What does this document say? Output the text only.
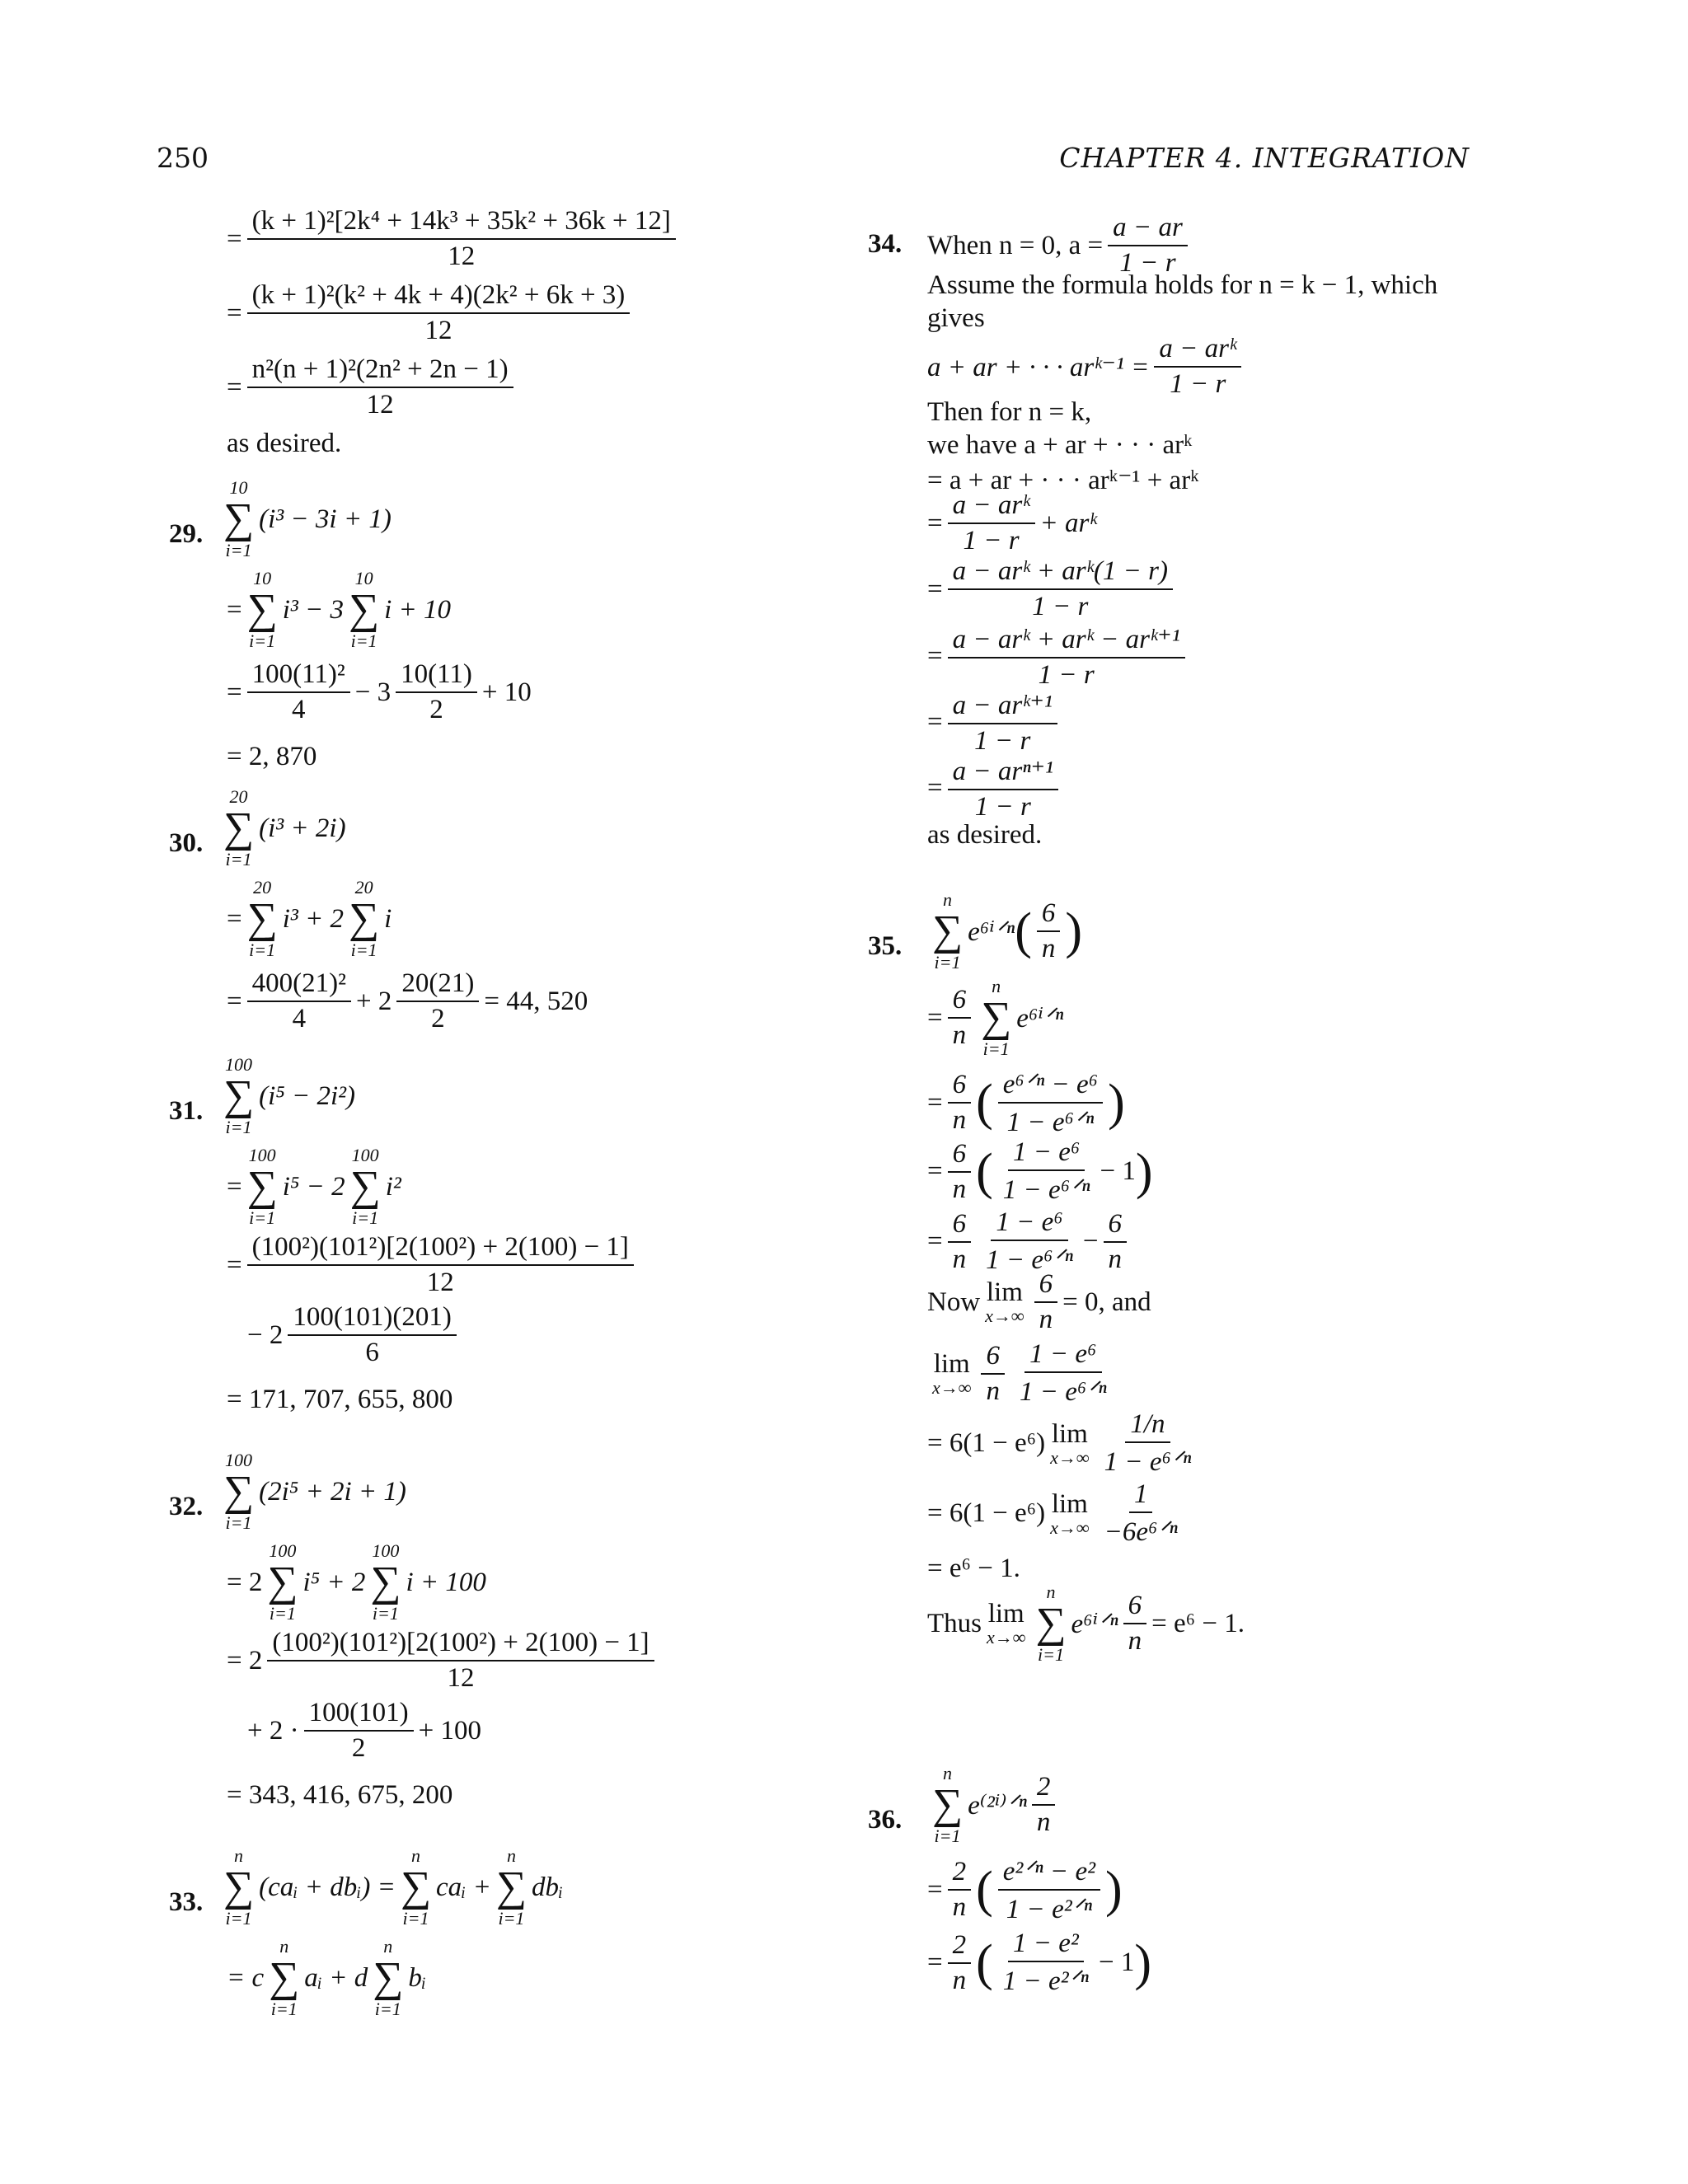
250	CHAPTER 4. INTEGRATION
= $\frac{\text{(k + 1)²[2k⁴ + 14k³ + 35k² + 36k + 12]}}{12}$
= $\frac{\text{(k + 1)²(k² + 4k + 4)(2k² + 6k + 3)}}{12}$
= $\frac{\text{n²(n + 1)²(2n² + 2n − 1)}}{12}$
as desired.
29.
10
∑
i=1
(i³ − 3i + 1)
=
10
∑
i=1
i³ − 3
10
∑
i=1
i + 10
= $\frac{\text{100(11)²}}{4} - 3 \frac{10(11)}{2} + 10$
= 2, 870
30.
20
∑
i=1
(i³ + 2i)
=
20
∑
i=1
i³ + 2
20
∑
i=1
i
= $\frac{\text{400(21)²}}{4} + 2 \frac{20(21)}{2} = 44$, 520
31.
100
∑
i=1
(i⁵ − 2i²)
=
100
∑
i=1
i⁵ − 2
100
∑
i=1
i²
= $\frac{\text{(100²)(101²)[2(100²) + 2(100) − 1]}}{12}$
− $2 \frac{100(101)(201)}{6}$
= 171, 707, 655, 800
32.
100
∑
i=1
(2i⁵ + 2i + 1)
= 2
100
∑
i=1
i⁵ + 2
100
∑
i=1
i + 100
= $2 \frac{\text{(100²)(101²)[2(100²) + 2(100) − 1]}}{12}$
+ $2 \cdot \frac{100(101)}{2} + 100$
= 343, 416, 675, 200
33.
n
∑
i=1
(caᵢ + dbᵢ) =
n
∑
i=1
caᵢ +
n
∑
i=1
dbᵢ
= c
n
∑
i=1
aᵢ + d
n
∑
i=1
bᵢ
34. When n = 0, $a = \frac{a - ar}{1 - r}$
Assume the formula holds for n = k − 1, which
gives
a + ar + · · · arᵏ⁻¹ = $\frac{\text{a − arᵏ}}{1 - r}$
Then for n = k,
we have a + ar + · · · arᵏ
= a + ar + · · · arᵏ⁻¹ + arᵏ
= $\frac{\text{a − arᵏ}}{1 - r}$ + arᵏ
= $\frac{\text{a − arᵏ + arᵏ(1 − r)}}{1 - r}$
= $\frac{\text{a − arᵏ + arᵏ − arᵏ⁺¹}}{1 - r}$
= $\frac{\text{a − arᵏ⁺¹}}{1 - r}$
= $\frac{\text{a − arⁿ⁺¹}}{1 - r}$
as desired.
35.
n
∑
i=1
e⁶ⁱᐟⁿ ( $\frac{6}{n}$ )
= $\frac{6}{n}$ n
∑
i=1
e⁶ⁱᐟⁿ
= $\frac{6}{n}$ ( $\frac{\text{e⁶ᐟⁿ − e⁶}}{\text{1 − e⁶ᐟⁿ}}$ )
= $\frac{6}{n}$ ( $\frac{\text{1 − e⁶}}{\text{1 − e⁶ᐟⁿ}} - 1$ )
= $\frac{6}{n} \frac{\text{1 − e⁶}}{\text{1 − e⁶ᐟⁿ}} - \frac{6}{n}$
Now lim
$x\to\infty \frac{6}{n} = 0$, and
lim
$x\to\infty \frac{6}{n} \frac{\text{1 − e⁶}}{\text{1 − e⁶ᐟⁿ}}$
= 6(1 − e⁶) lim
$x\to\infty \frac{1/n}{\text{1 − e⁶ᐟⁿ}}$
= 6(1 − e⁶) lim
$x\to\infty \frac{1}{\text{−6e⁶ᐟⁿ}}$
= e⁶ − 1.
Thus lim
x→∞
n
∑
i=1
e⁶ⁱᐟⁿ $\frac{6}{n} = e^6 - 1$.
36.
n
∑
i=1
e⁽²ⁱ⁾ᐟⁿ $\frac{2}{n}$
= $\frac{2}{n}$ ( $\frac{\text{e²ᐟⁿ − e²}}{\text{1 − e²ᐟⁿ}}$ )
= $\frac{2}{n}$ ( $\frac{\text{1 − e²}}{\text{1 − e²ᐟⁿ}} - 1$ )
